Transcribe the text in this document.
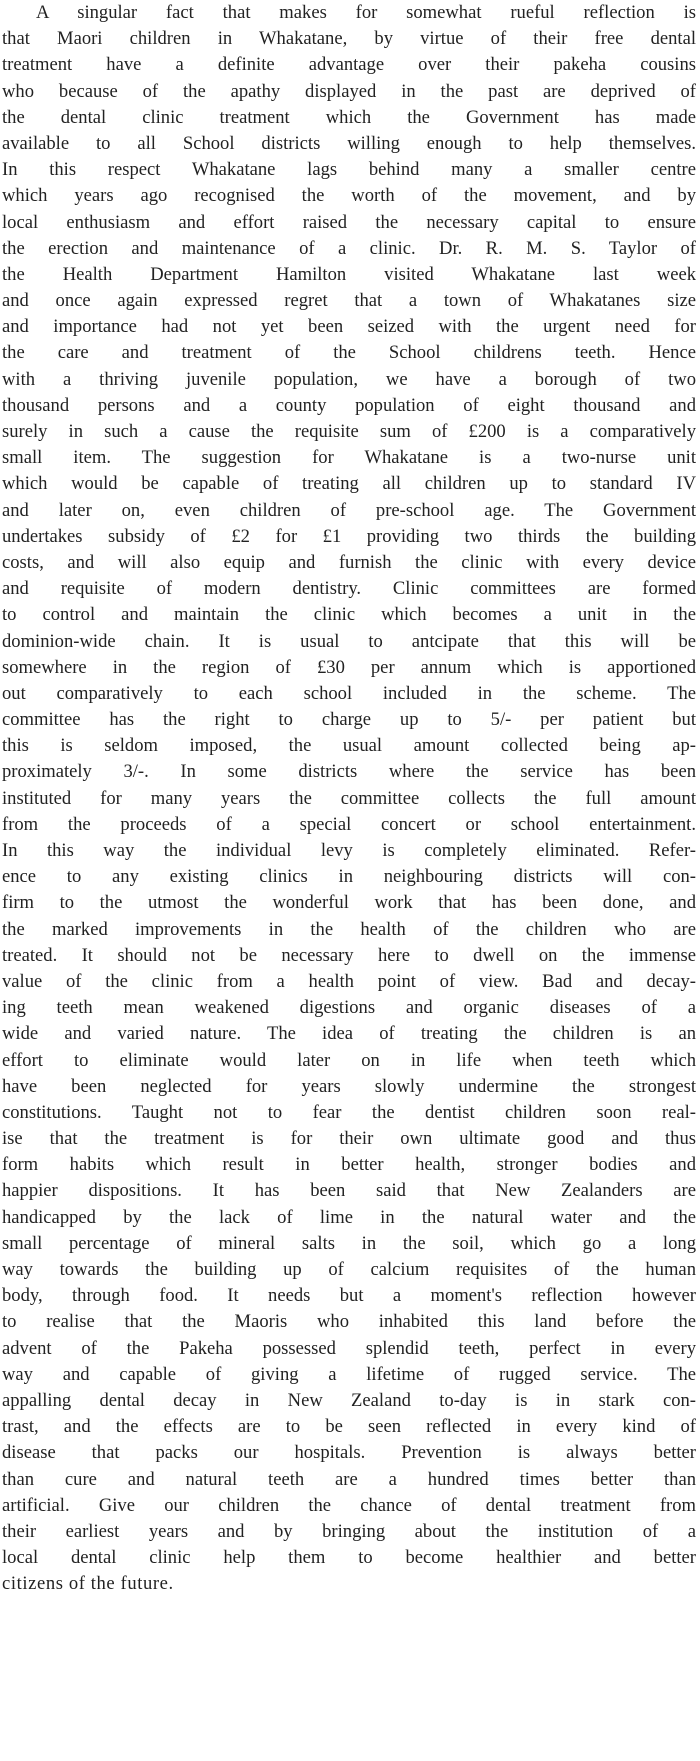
A singular fact that makes for somewhat rueful reflection is
that Maori children in Whakatane, by virtue of their free dental
treatment have a definite advantage over their pakeha cousins
who because of the apathy displayed in the past are deprived of
the dental clinic treatment which the Government has made
available to all School districts willing enough to help themselves.
In this respect Whakatane lags behind many a smaller centre
which years ago recognised the worth of the movement, and by
local enthusiasm and effort raised the necessary capital to ensure
the erection and maintenance of a clinic. Dr. R. M. S. Taylor of
the Health Department Hamilton visited Whakatane last week
and once again expressed regret that a town of Whakatanes size
and importance had not yet been seized with the urgent need for
the care and treatment of the School childrens teeth. Hence
with a thriving juvenile population, we have a borough of two
thousand persons and a county population of eight thousand and
surely in such a cause the requisite sum of £200 is a comparatively
small item. The suggestion for Whakatane is a two-nurse unit
which would be capable of treating all children up to standard IV
and later on, even children of pre-school age. The Government
undertakes subsidy of £2 for £1 providing two thirds the building
costs, and will also equip and furnish the clinic with every device
and requisite of modern dentistry. Clinic committees are formed
to control and maintain the clinic which becomes a unit in the
dominion-wide chain. It is usual to antcipate that this will be
somewhere in the region of £30 per annum which is apportioned
out comparatively to each school included in the scheme. The
committee has the right to charge up to 5/- per patient but
this is seldom imposed, the usual amount collected being ap-
proximately 3/-. In some districts where the service has been
instituted for many years the committee collects the full amount
from the proceeds of a special concert or school entertainment.
In this way the individual levy is completely eliminated. Refer-
ence to any existing clinics in neighbouring districts will con-
firm to the utmost the wonderful work that has been done, and
the marked improvements in the health of the children who are
treated. It should not be necessary here to dwell on the immense
value of the clinic from a health point of view. Bad and decay-
ing teeth mean weakened digestions and organic diseases of a
wide and varied nature. The idea of treating the children is an
effort to eliminate would later on in life when teeth which
have been neglected for years slowly undermine the strongest
constitutions. Taught not to fear the dentist children soon real-
ise that the treatment is for their own ultimate good and thus
form habits which result in better health, stronger bodies and
happier dispositions. It has been said that New Zealanders are
handicapped by the lack of lime in the natural water and the
small percentage of mineral salts in the soil, which go a long
way towards the building up of calcium requisites of the human
body, through food. It needs but a moment's reflection however
to realise that the Maoris who inhabited this land before the
advent of the Pakeha possessed splendid teeth, perfect in every
way and capable of giving a lifetime of rugged service. The
appalling dental decay in New Zealand to-day is in stark con-
trast, and the effects are to be seen reflected in every kind of
disease that packs our hospitals. Prevention is always better
than cure and natural teeth are a hundred times better than
artificial. Give our children the chance of dental treatment from
their earliest years and by bringing about the institution of a
local dental clinic help them to become healthier and better
citizens of the future.
